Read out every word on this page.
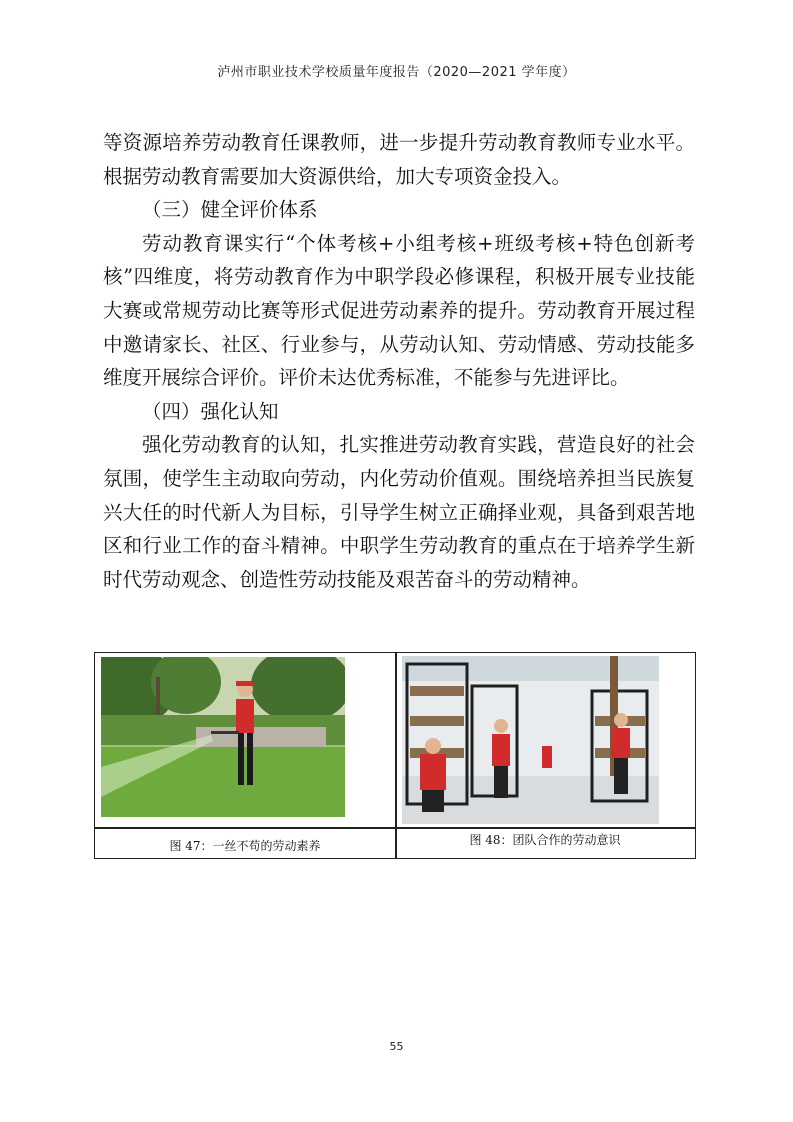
泸州市职业技术学校质量年度报告（2020—2021 学年度）

等资源培养劳动教育任课教师，进一步提升劳动教育教师专业水平。根据劳动教育需要加大资源供给，加大专项资金投入。

（三）健全评价体系

劳动教育课实行“个体考核+小组考核+班级考核+特色创新考核”四维度，将劳动教育作为中职学段必修课程，积极开展专业技能大赛或常规劳动比赛等形式促进劳动素养的提升。劳动教育开展过程中邀请家长、社区、行业参与，从劳动认知、劳动情感、劳动技能多维度开展综合评价。评价未达优秀标准，不能参与先进评比。

（四）强化认知

强化劳动教育的认知，扎实推进劳动教育实践，营造良好的社会氛围，使学生主动取向劳动，内化劳动价值观。围绕培养担当民族复兴大任的时代新人为目标，引导学生树立正确择业观，具备到艰苦地区和行业工作的奋斗精神。中职学生劳动教育的重点在于培养学生新时代劳动观念、创造性劳动技能及艰苦奋斗的劳动精神。

图 47：一丝不苟的劳动素养	图 48：团队合作的劳动意识
55
